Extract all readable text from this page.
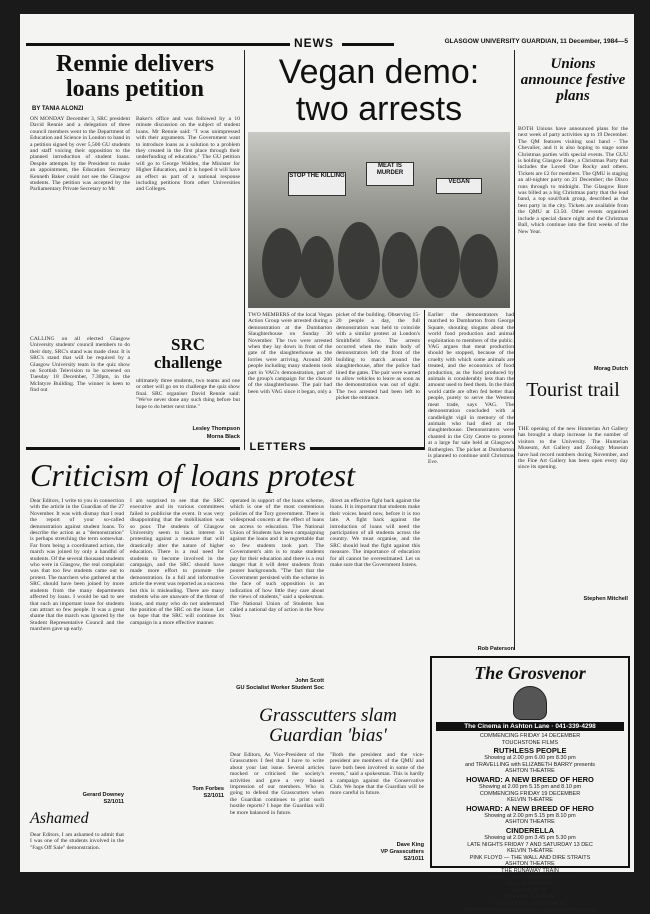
NEWS	GLASGOW UNIVERSITY GUARDIAN, 11 December, 1984—5
Rennie delivers loans petition
BY TANIA ALONZI
ON MONDAY December 3, SRC president David Rennie and a delegation of three council members went to the Department of Education and Science in London to hand in a petition signed by over 5,500 GU students and staff voicing their opposition to the planned introduction of student loans. Despite attempts by the President to make an appointment, the Education Secretary Kenneth Baker could not see the Glasgow students. The petition was accepted by the Parliamentary Private Secretary to Mr
Baker's office and was followed by a 10 minute discussion on the subject of student loans. Mr Rennie said: "I was unimpressed with their arguments. The Government want to introduce loans as a solution to a problem they created in the first place through their underfunding of education." The GU petition will go to George Walden, the Minister for Higher Education, and it is hoped it will have an effect as part of a national response including petitions from other Universities and Colleges.
CALLING on all elected Glasgow University students' council members to do their duty, SRC's stand was made clear. It is SRC's stand that will be required by a Glasgow University team in the quiz show on Scottish Television to be screened on Tuesday 18 December, 7.30pm, in the McIntyre Building. The winner is keen to find out
SRC challenge
ultimately three students, two teams and one or other will go on to challenge the quiz show final. SRC organiser David Rennie said: "We've never done any such thing before but hope to do better next time."
Lesley Thompson
Morna Black
Vegan demo: two arrests
STOP THE KILLING
MEAT IS MURDER
VEGAN
TWO MEMBERS of the local Vegan Action Group were arrested during a demonstration at the Dumbarton Slaughterhouse on Sunday 30 November. The two were arrested when they lay down in front of the gate of the slaughterhouse as the lorries were arriving. Around 200 people including many students took part in VAG's demonstration, part of the group's campaign for the closure of the slaughterhouse. The pair had been with VAG since it began, only a
picket of the building. Observing 15-20 people a day, the full demonstration was held to coincide with a similar protest at London's Smithfield Show. The arrests occurred when the main body of demonstrators left the front of the building to march around the slaughterhouse, after the police had lined the gates. The pair were warned to allow vehicles to leave as soon as the demonstration was out of sight. The two arrested had been left to picket the entrance.
Earlier the demonstrators had marched to Dumbarton from George Square, shouting slogans about the world food production and animal exploitation to members of the public. VAG argues that meat production should be stopped, because of the cruelty with which some animals are treated, and the economics of food production, as the food produced by animals is considerably less than the amount used to feed them. In the third world cattle are often fed better than people, purely to serve the Western meat trade, says VAG. The demonstration concluded with a candlelight vigil in memory of the animals who had died at the slaughterhouse. Demonstrators were chanted in the City Centre to protest at a large fur sale held at Glasgow's Rutherglen. The picket at Dumbarton is planned to continue until Christmas Eve.
Rob Paterson
Unions announce festive plans
BOTH Unions have announced plans for the next week of party activities up to 19 December. The QM features visiting soul band - The Chevalier, and it is also hoping to stage some Christmas parties with special events. The GUU is holding Glasgow Bare, a Christmas Party that includes the Loved One Rocky and others. Tickets are £2 for members. The QMU is staging an all-nighter party on 21 December; the Disco runs through to midnight. The Glasgow Bare was billed as a big Christmas party that the lead band, a top soul/funk group, described as the best party in the city. Tickets are available from the QMU at £3.50. Other events organised include a special dance night and the Christmas Ball, which continue into the first weeks of the New Year.
Morag Dutch
Tourist trail
THE opening of the new Hunterian Art Gallery has brought a sharp increase in the number of visitors to the University. The Hunterian Museum, Art Gallery and Zoology Museum have had record numbers during November, and the Fine Art Gallery has been open every day since its opening.
Stephen Mitchell
LETTERS
Criticism of loans protest
Dear Editors, I write to you in connection with the article in the Guardian of the 27 November. It was with dismay that I read the report of your so-called demonstration against student loans. To describe the action as a "demonstration" is perhaps stretching the term somewhat. Far from being a coordinated action, the march was joined by only a handful of students. Of the several thousand students who were in Glasgow, the real complaint was that too few students came out to protest. The marchers who gathered at the SRC should have been joined by more students from the many departments affected by loans. I would be sad to see that such an important issue for students can attract so few people. It was a great shame that the march was ignored by the Student Representative Council and the marchers gave up early.
Gerard Downey
S2/1011
I am surprised to see that the SRC executive and its various committees failed to publicise the event. It was very disappointing that the mobilisation was so poor. The students of Glasgow University seem to lack interest in protesting against a measure that will drastically alter the nature of higher education. There is a real need for students to become involved in the campaign, and the SRC should have made more effort to promote the demonstration. In a full and informative article the event was reported as a success but this is misleading. There are many students who are unaware of the threat of loans, and many who do not understand the position of the SRC on the issue. Let us hope that the SRC will continue its campaign in a more effective manner.
Tom Forbes
S2/1011
operated in support of the loans scheme, which is one of the most contentious policies of the Tory government. There is widespread concern at the effect of loans on access to education. The National Union of Students has been campaigning against the loans and it is regrettable that so few students took part. The Government's aim is to make students pay for their education and there is a real danger that it will deter students from poorer backgrounds. "The fact that the Government persisted with the scheme in the face of such opposition is an indication of how little they care about the views of students," said a spokesman. The National Union of Students has called a national day of action in the New Year.
John Scott
GU Socialist Worker Student Soc
direct an effective fight back against the loans. It is important that students make their voices heard now, before it is too late. A fight back against the introduction of loans will need the participation of all students across the country. We must organise, and the SRC should lead the fight against this measure. The importance of education for all cannot be overestimated. Let us make sure that the Government listens.
Ashamed
Dear Editors, I am ashamed to admit that I was one of the students involved in the "Fags Off Sale" demonstration.
Grasscutters slam Guardian 'bias'
Dear Editors, As Vice-President of the Grasscutters I feel that I have to write about your last issue. Several articles mocked or criticised the society's activities and gave a very biased impression of our members. Who is going to defend the Grasscutters when the Guardian continues to print such hostile reports? I hope the Guardian will be more balanced in future.
"Both the president and the vice-president are members of the QMU and have both been involved in some of the events," said a spokesman. This is hardly a campaign against the Conservative Club. We hope that the Guardian will be more careful in future.
Dave King
VP Grasscutters
S2/1011
The Grosvenor
The Cinema in Ashton Lane · 041-339-4298
COMMENCING FRIDAY 14 DECEMBER
TOUCHSTONE FILMS
RUTHLESS PEOPLE
Showing at 2.00 pm 6.00 pm 8.30 pm
and TRAVELLING with ELIZABETH BARRY presents
ASHTON THEATRE
HOWARD: A NEW BREED OF HERO
Showing at 2.00 pm 5.15 pm and 8.10 pm
COMMENCING FRIDAY 19 DECEMBER
KELVIN THEATRE
HOWARD: A NEW BREED OF HERO
Showing at 2.00 pm 5.15 pm 8.10 pm
ASHTON THEATRE
CINDERELLA
Showing at 2.00 pm 3.45 pm 5.30 pm
LATE NIGHTS FRIDAY 7 AND SATURDAY 13 DEC
KELVIN THEATRE
PINK FLOYD — THE WALL AND DIRE STRAITS
ASHTON THEATRE
THE RUNAWAY TRAIN
FRIDAY 19 AND SATURDAY 20 DEC
KELVIN THEATRE
EXORCIST II
ASHTON THEATRE
GREMLINS/BLOOD BEACH
The Grosvenor Cinema wishes Happy Christmas to all
